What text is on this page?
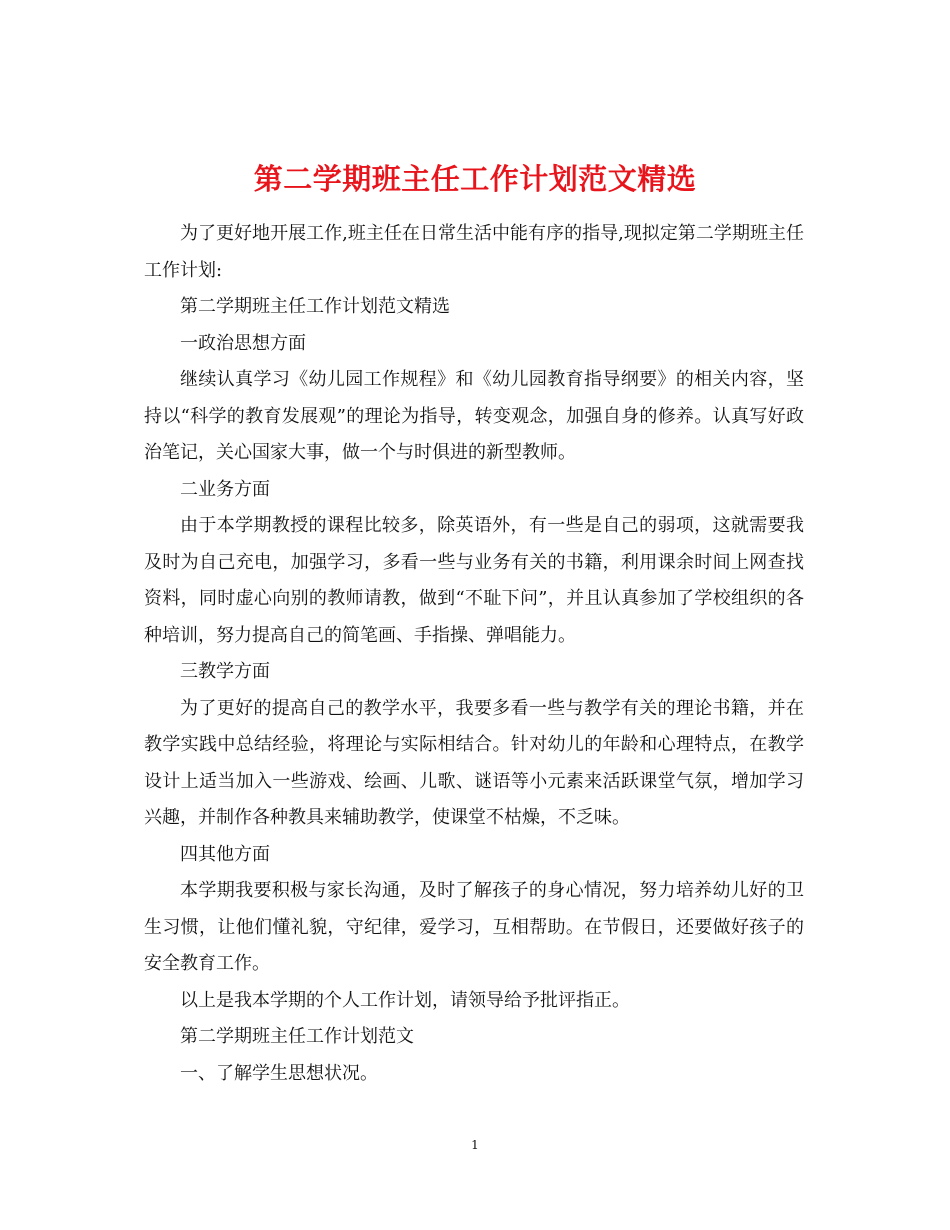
第二学期班主任工作计划范文精选

为了更好地开展工作,班主任在日常生活中能有序的指导,现拟定第二学期班主任工作计划:

第二学期班主任工作计划范文精选

一政治思想方面

继续认真学习《幼儿园工作规程》和《幼儿园教育指导纲要》的相关内容，坚持以“科学的教育发展观”的理论为指导，转变观念，加强自身的修养。认真写好政治笔记，关心国家大事，做一个与时俱进的新型教师。

二业务方面

由于本学期教授的课程比较多，除英语外，有一些是自己的弱项，这就需要我及时为自己充电，加强学习，多看一些与业务有关的书籍，利用课余时间上网查找资料，同时虚心向别的教师请教，做到“不耻下问”，并且认真参加了学校组织的各种培训，努力提高自己的简笔画、手指操、弹唱能力。

三教学方面

为了更好的提高自己的教学水平，我要多看一些与教学有关的理论书籍，并在教学实践中总结经验，将理论与实际相结合。针对幼儿的年龄和心理特点，在教学设计上适当加入一些游戏、绘画、儿歌、谜语等小元素来活跃课堂气氛，增加学习兴趣，并制作各种教具来辅助教学，使课堂不枯燥，不乏味。

四其他方面

本学期我要积极与家长沟通，及时了解孩子的身心情况，努力培养幼儿好的卫生习惯，让他们懂礼貌，守纪律，爱学习，互相帮助。在节假日，还要做好孩子的安全教育工作。

以上是我本学期的个人工作计划，请领导给予批评指正。

第二学期班主任工作计划范文

一、了解学生思想状况。

1
